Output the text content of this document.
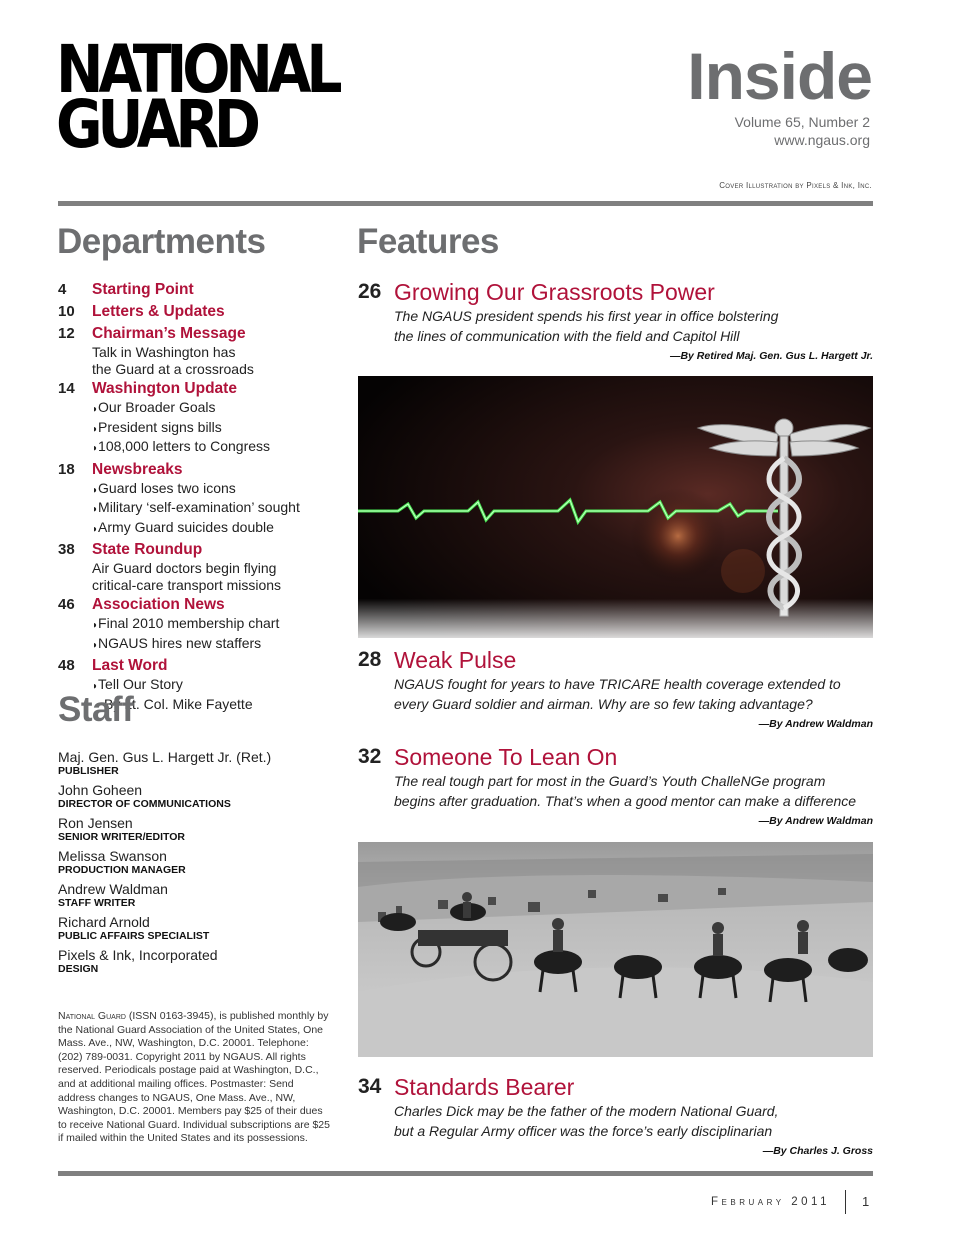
NATIONAL
GUARD
Inside
Volume 65, Number 2
www.ngaus.org
Cover Illustration by Pixels & Ink, Inc.
Departments	Features
4 Starting Point
10 Letters & Updates
12 Chairman’s Message
Talk in Washington has
the Guard at a crossroads
14 Washington Update
◗ Our Broader Goals
◗ President signs bills
◗ 108,000 letters to Congress
18 Newsbreaks
◗ Guard loses two icons
◗ Military ‘self-examination’ sought
◗ Army Guard suicides double
38 State Roundup
Air Guard doctors begin flying
critical-care transport missions
46 Association News
◗ Final 2010 membership chart
◗ NGAUS hires new staffers
48 Last Word
◗ Tell Our Story
By Lt. Col. Mike Fayette
Staff
Maj. Gen. Gus L. Hargett Jr. (Ret.)
PUBLISHER
John Goheen
DIRECTOR OF COMMUNICATIONS
Ron Jensen
SENIOR WRITER/EDITOR
Melissa Swanson
PRODUCTION MANAGER
Andrew Waldman
STAFF WRITER
Richard Arnold
PUBLIC AFFAIRS SPECIALIST
Pixels & Ink, Incorporated
DESIGN
National Guard (ISSN 0163-3945), is published monthly by the National Guard Association of the United States, One Mass. Ave., NW, Washington, D.C. 20001. Telephone: (202) 789-0031. Copyright 2011 by NGAUS. All rights reserved. Periodicals postage paid at Washington, D.C., and at additional mailing offices. Postmaster: Send address changes to NGAUS, One Mass. Ave., NW, Washington, D.C. 20001. Members pay $25 of their dues to receive National Guard. Individual subscriptions are $25 if mailed within the United States and its possessions.
26 Growing Our Grassroots Power
The NGAUS president spends his first year in office bolstering
the lines of communication with the field and Capitol Hill
—By Retired Maj. Gen. Gus L. Hargett Jr.
28 Weak Pulse
NGAUS fought for years to have TRICARE health coverage extended to
every Guard soldier and airman. Why are so few taking advantage?
—By Andrew Waldman
32 Someone To Lean On
The real tough part for most in the Guard’s Youth ChalleNGe program
begins after graduation. That’s when a good mentor can make a difference
—By Andrew Waldman
34 Standards Bearer
Charles Dick may be the father of the modern National Guard,
but a Regular Army officer was the force’s early disciplinarian
—By Charles J. Gross
February 2011 1
